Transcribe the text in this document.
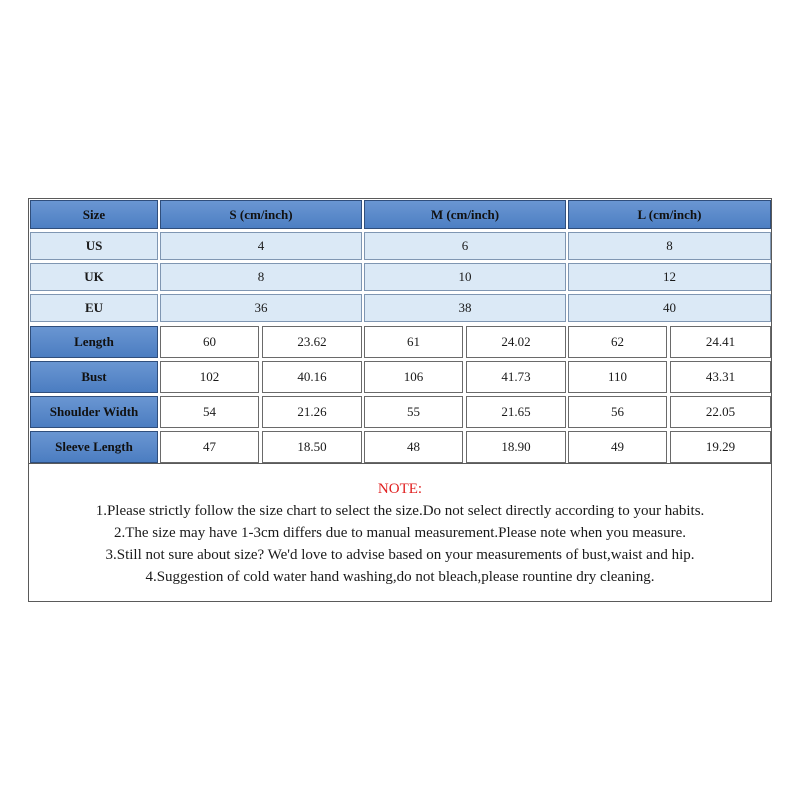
Size	S (cm/inch)	M (cm/inch)	L (cm/inch)
US	4	6	8
UK	8	10	12
EU	36	38	40
Length	60	23.62	61	24.02	62	24.41
Bust	102	40.16	106	41.73	110	43.31
Shoulder Width	54	21.26	55	21.65	56	22.05
Sleeve Length	47	18.50	48	18.90	49	19.29
NOTE:
1.Please strictly follow the size chart to select the size.Do not select directly according to your habits.
2.The size may have 1-3cm differs due to manual measurement.Please note when you measure.
3.Still not sure about size? We'd love to advise based on your measurements of bust,waist and hip.
4.Suggestion of cold water hand washing,do not bleach,please rountine dry cleaning.
